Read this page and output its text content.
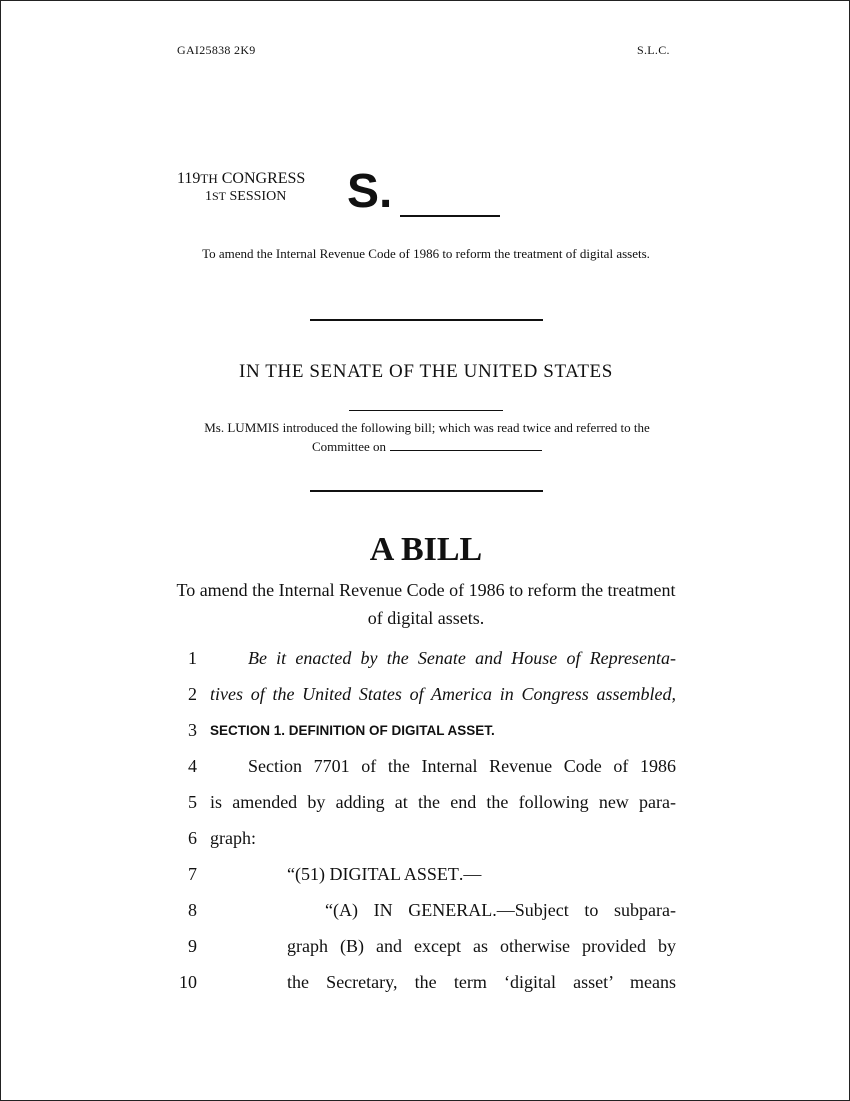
GAI25838 2K9	S.L.C.
119TH CONGRESS
1ST SESSION S.
To amend the Internal Revenue Code of 1986 to reform the treatment of digital assets.
IN THE SENATE OF THE UNITED STATES
Ms. LUMMIS introduced the following bill; which was read twice and referred to the Committee on
A BILL
To amend the Internal Revenue Code of 1986 to reform the treatment of digital assets.
1	Be it enacted by the Senate and House of Representa-
2 tives of the United States of America in Congress assembled,
3 SECTION 1. DEFINITION OF DIGITAL ASSET.
4	Section 7701 of the Internal Revenue Code of 1986
5 is amended by adding at the end the following new para-
6 graph:
7	“(51) DIGITAL ASSET.—
8	“(A) IN GENERAL.—Subject to subpara-
9	graph (B) and except as otherwise provided by
10	the Secretary, the term ‘digital asset’ means
